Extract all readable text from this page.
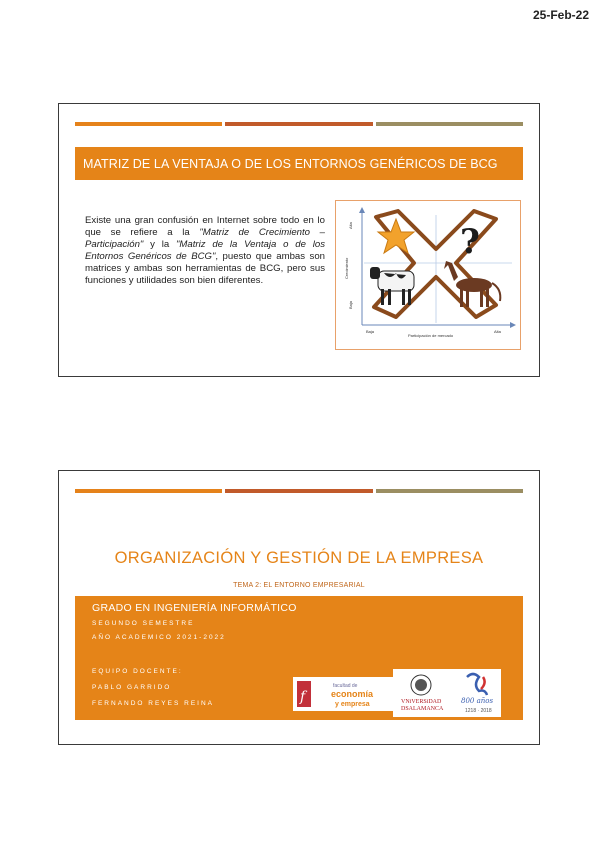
25-Feb-22
MATRIZ DE LA VENTAJA O DE LOS ENTORNOS GENÉRICOS DE BCG
Existe una gran confusión en Internet sobre todo en lo que se refiere a la "Matriz de Crecimiento – Participación" y la "Matriz de la Ventaja o de los Entornos Genéricos de BCG", puesto que ambas son matrices y ambas son herramientas de BCG, pero sus funciones y utilidades son bien diferentes.
?
Alta
Crecimiento
Baja
Baja
Participación de mercado
Alta
ORGANIZACIÓN Y GESTIÓN DE LA EMPRESA
TEMA 2: EL ENTORNO EMPRESARIAL
GRADO EN INGENIERÍA INFORMÁTICO
SEGUNDO SEMESTRE
AÑO ACADEMICO 2021-2022
EQUIPO DOCENTE:
PABLO GARRIDO
FERNANDO REYES REINA	f
facultad de
economía
y empresa	VNiVERSiDAD
DSALAMANCA
800 años
1218 · 2018
